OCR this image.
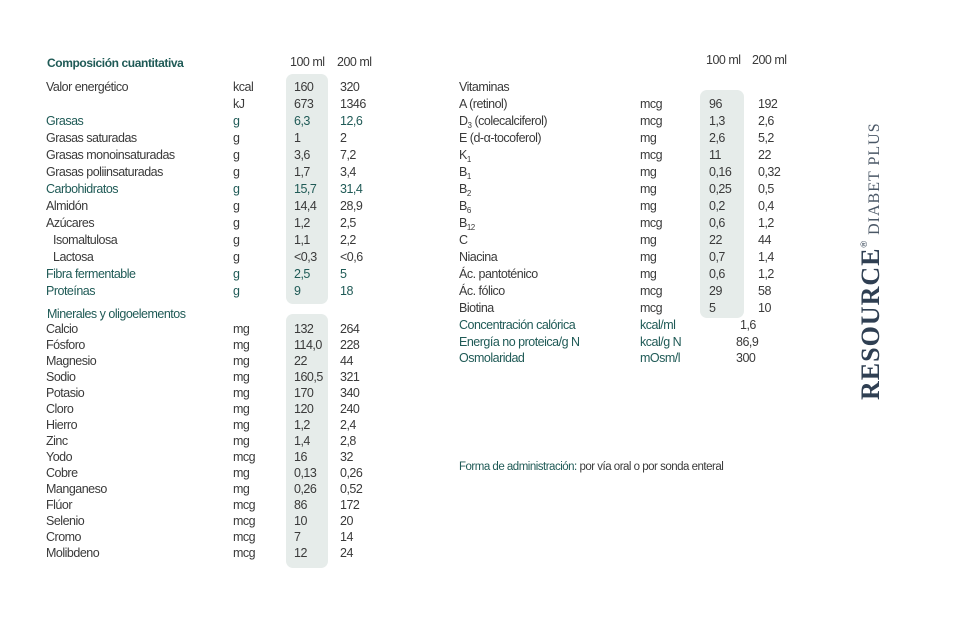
Composición cuantitativa	100 ml 200 ml
Valor energético	kcal	160 320
kJ	673 1346
Grasas	g	6,3 12,6
Grasas saturadas	g	1	2
Grasas monoinsaturadas	g	3,6 7,2
Grasas poliinsaturadas	g	1,7 3,4
Carbohidratos	g	15,7 31,4
Almidón	g	14,4 28,9
Azúcares	g	1,2 2,5
Isomaltulosa	g	1,1 2,2
Lactosa	g	<0,3 <0,6
Fibra fermentable	g	2,5 5
Proteínas	g	9	18
Minerales y oligoelementos
Calcio	mg	132 264
Fósforo	mg	114,0 228
Magnesio	mg	22	44
Sodio	mg	160,5 321
Potasio	mg	170 340
Cloro	mg	120 240
Hierro	mg	1,2 2,4
Zinc	mg	1,4 2,8
Yodo	mcg	16	32
Cobre	mg	0,13 0,26
Manganeso	mg	0,26 0,52
Flúor	mcg	86	172
Selenio	mcg	10	20
Cromo	mcg	7	14
Molibdeno	mcg	12	24
100 ml 200 ml
Vitaminas
A (retinol)	mcg	96	192
$D_3$ (colecalciferol)	mcg	1,3	2,6
E (d-α-tocoferol)	mg	2,6	5,2
$K_1$	mcg	11	22
$B_1$	mg	0,16 0,32
$B_2$	mg	0,25 0,5
$B_6$	mg	0,2	0,4
$B_{12}$	mcg	0,6	1,2
C	mg	22	44
Niacina	mg	0,7	1,4
Ác. pantoténico	mg	0,6	1,2
Ác. fólico	mcg	29	58
Biotina	mcg	5	10
Concentración calórica	kcal/ml	1,6
Energía no proteica/g N	kcal/g N	86,9
Osmolaridad	mOsm/l	300
Forma de administración: por vía oral o por sonda enteral
RESOURCE®DIABET PLUS
